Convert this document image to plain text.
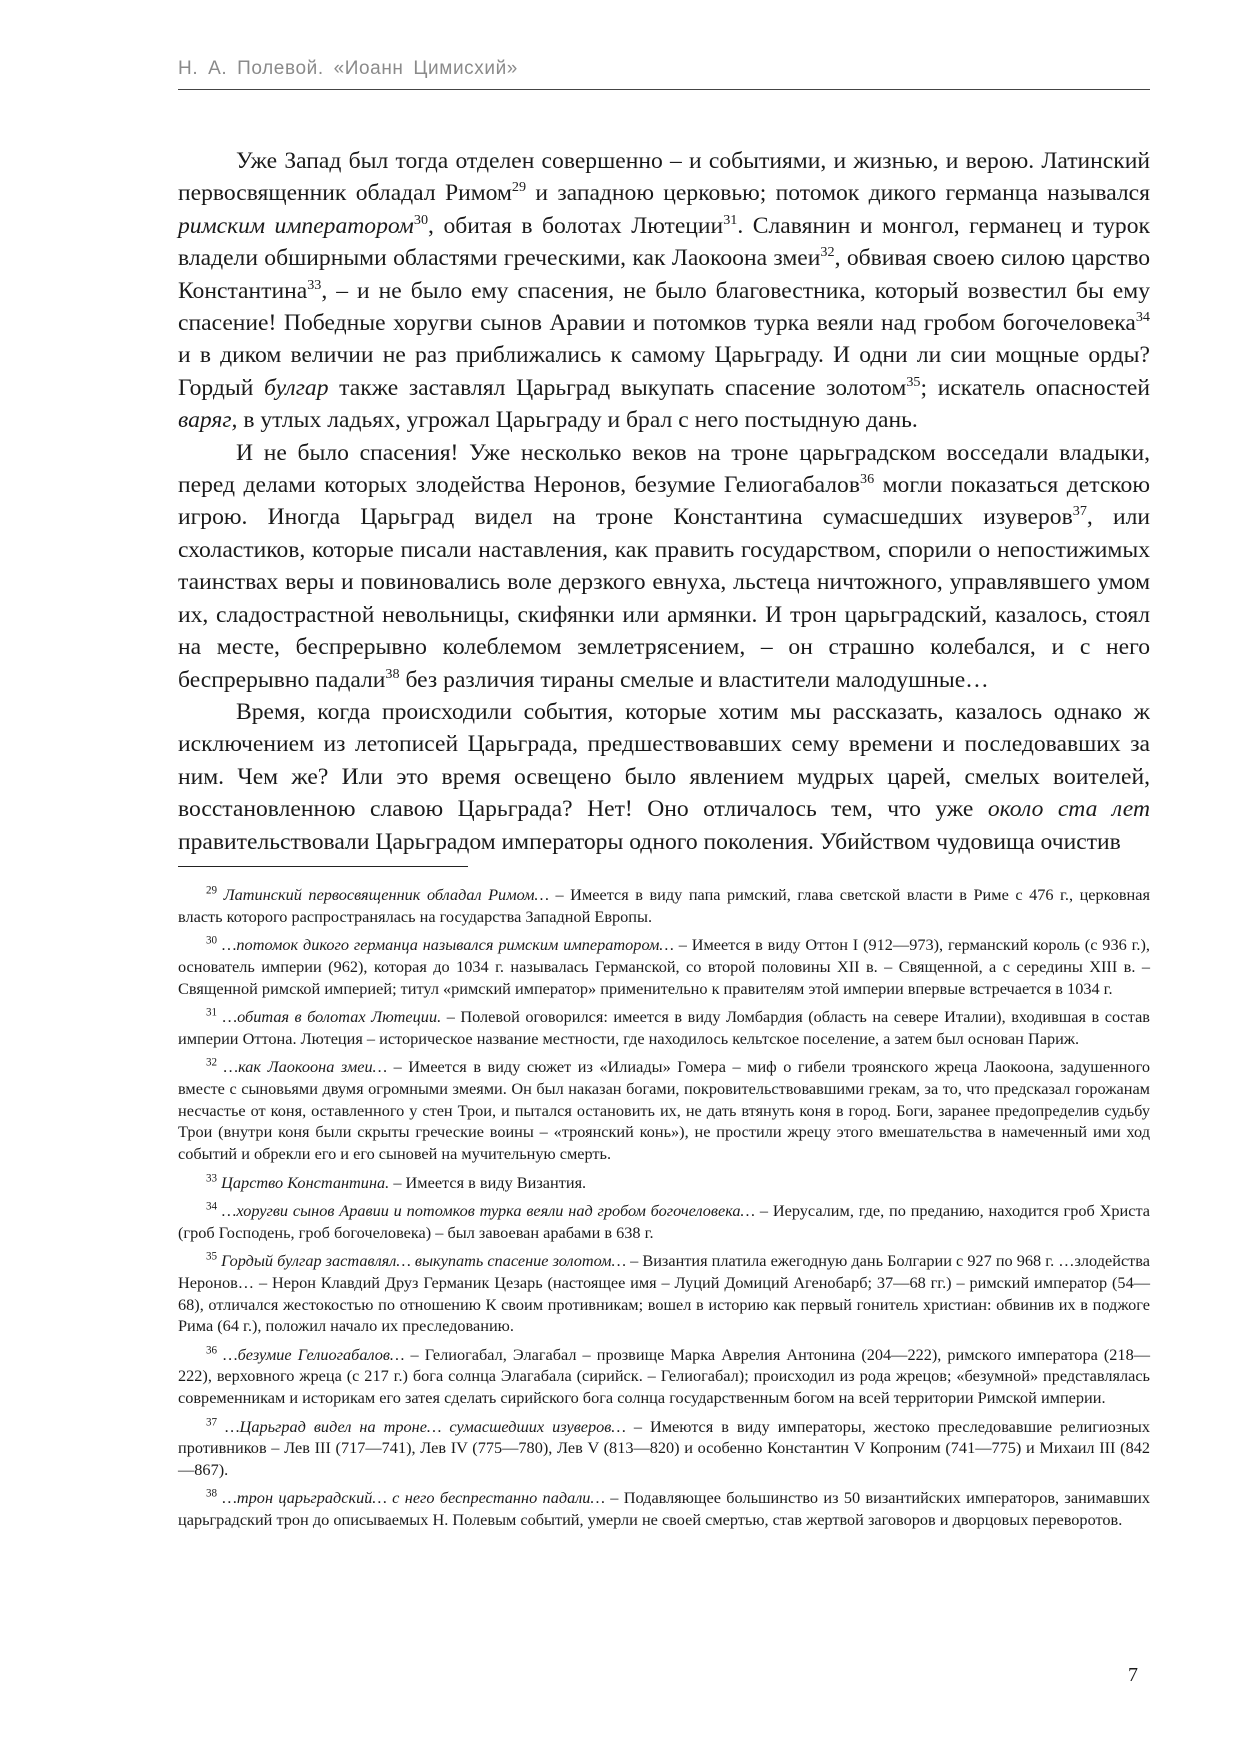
Н. А. Полевой. «Иоанн Цимисхий»

Уже Запад был тогда отделен совершенно – и событиями, и жизнью, и верою. Латинский первосвященник обладал Римом$^{29}$ и западною церковью; потомок дикого германца назывался римским императором$^{30}$, обитая в болотах Лютеции$^{31}$. Славянин и монгол, германец и турок владели обширными областями греческими, как Лаокоона змеи$^{32}$, обвивая своею силою царство Константина$^{33}$, – и не было ему спасения, не было благовестника, который возвестил бы ему спасение! Победные хоругви сынов Аравии и потомков турка веяли над гробом богочеловека$^{34}$ и в диком величии не раз приближались к самому Царьграду. И одни ли сии мощные орды? Гордый булгар также заставлял Царьград выкупать спасение золотом$^{35}$; искатель опасностей варяг, в утлых ладьях, угрожал Царьграду и брал с него постыдную дань.

И не было спасения! Уже несколько веков на троне царьградском восседали владыки, перед делами которых злодейства Неронов, безумие Гелиогабалов$^{36}$ могли показаться детскою игрою. Иногда Царьград видел на троне Константина сумасшедших изуверов$^{37}$, или схоластиков, которые писали наставления, как править государством, спорили о непостижимых таинствах веры и повиновались воле дерзкого евнуха, льстеца ничтожного, управлявшего умом их, сладострастной невольницы, скифянки или армянки. И трон царьградский, казалось, стоял на месте, беспрерывно колеблемом землетрясением, – он страшно колебался, и с него беспрерывно падали$^{38}$ без различия тираны смелые и властители малодушные…

Время, когда происходили события, которые хотим мы рассказать, казалось однако ж исключением из летописей Царьграда, предшествовавших сему времени и последовавших за ним. Чем же? Или это время освещено было явлением мудрых царей, смелых воителей, восстановленною славою Царьграда? Нет! Оно отличалось тем, что уже около ста лет правительствовали Царьградом императоры одного поколения. Убийством чудовища очистив

$^{29}$ Латинский первосвященник обладал Римом… – Имеется в виду папа римский, глава светской власти в Риме с 476 г., церковная власть которого распространялась на государства Западной Европы.

$^{30}$ …потомок дикого германца назывался римским императором… – Имеется в виду Оттон I (912—973), германский король (с 936 г.), основатель империи (962), которая до 1034 г. называлась Германской, со второй половины XII в. – Священной, а с середины XIII в. – Священной римской империей; титул «римский император» применительно к правителям этой империи впервые встречается в 1034 г.

$^{31}$ …обитая в болотах Лютеции. – Полевой оговорился: имеется в виду Ломбардия (область на севере Италии), входившая в состав империи Оттона. Лютеция – историческое название местности, где находилось кельтское поселение, а затем был основан Париж.

$^{32}$ …как Лаокоона змеи… – Имеется в виду сюжет из «Илиады» Гомера – миф о гибели троянского жреца Лаокоона, задушенного вместе с сыновьями двумя огромными змеями. Он был наказан богами, покровительствовавшими грекам, за то, что предсказал горожанам несчастье от коня, оставленного у стен Трои, и пытался остановить их, не дать втянуть коня в город. Боги, заранее предопределив судьбу Трои (внутри коня были скрыты греческие воины – «троянский конь»), не простили жрецу этого вмешательства в намеченный ими ход событий и обрекли его и его сыновей на мучительную смерть.

$^{33}$ Царство Константина. – Имеется в виду Византия.

$^{34}$ …хоругви сынов Аравии и потомков турка веяли над гробом богочеловека… – Иерусалим, где, по преданию, находится гроб Христа (гроб Господень, гроб богочеловека) – был завоеван арабами в 638 г.

$^{35}$ Гордый булгар заставлял… выкупать спасение золотом… – Византия платила ежегодную дань Болгарии с 927 по 968 г. …злодейства Неронов… – Нерон Клавдий Друз Германик Цезарь (настоящее имя – Луций Домиций Агенобарб; 37—68 гг.) – римский император (54—68), отличался жестокостью по отношению К своим противникам; вошел в историю как первый гонитель христиан: обвинив их в поджоге Рима (64 г.), положил начало их преследованию.

$^{36}$ …безумие Гелиогабалов… – Гелиогабал, Элагабал – прозвище Марка Аврелия Антонина (204—222), римского императора (218—222), верховного жреца (с 217 г.) бога солнца Элагабала (сирийск. – Гелиогабал); происходил из рода жрецов; «безумной» представлялась современникам и историкам его затея сделать сирийского бога солнца государственным богом на всей территории Римской империи.

$^{37}$ …Царьград видел на троне… сумасшедших изуверов… – Имеются в виду императоры, жестоко преследовавшие религиозных противников – Лев III (717—741), Лев IV (775—780), Лев V (813—820) и особенно Константин V Копроним (741—775) и Михаил III (842—867).

$^{38}$ …трон царьградский… с него беспрестанно падали… – Подавляющее большинство из 50 византийских императоров, занимавших царьградский трон до описываемых Н. Полевым событий, умерли не своей смертью, став жертвой заговоров и дворцовых переворотов.

7
